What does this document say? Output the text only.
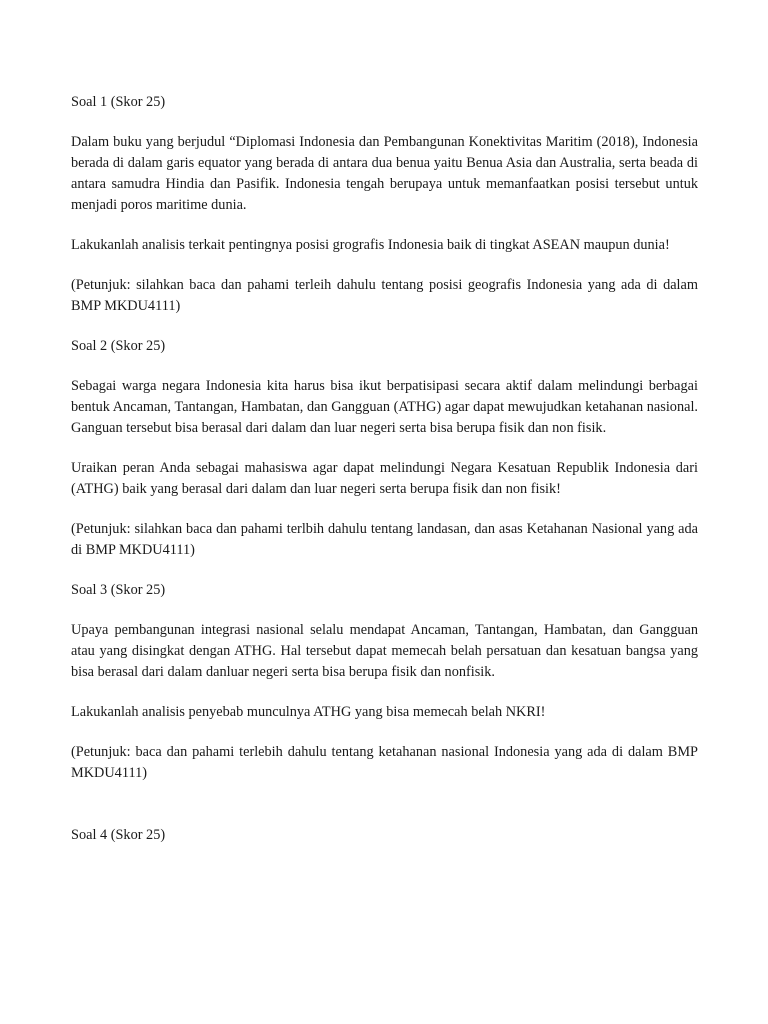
Soal 1 (Skor 25)

Dalam buku yang berjudul “Diplomasi Indonesia dan Pembangunan Konektivitas Maritim (2018), Indonesia berada di dalam garis equator yang berada di antara dua benua yaitu Benua Asia dan Australia, serta beada di antara samudra Hindia dan Pasifik. Indonesia tengah berupaya untuk memanfaatkan posisi tersebut untuk menjadi poros maritime dunia.

Lakukanlah analisis terkait pentingnya posisi grografis Indonesia baik di tingkat ASEAN maupun dunia!

(Petunjuk: silahkan baca dan pahami terleih dahulu tentang posisi geografis Indonesia yang ada di dalam BMP MKDU4111)

Soal 2 (Skor 25)

Sebagai warga negara Indonesia kita harus bisa ikut berpatisipasi secara aktif dalam melindungi berbagai bentuk Ancaman, Tantangan, Hambatan, dan Gangguan (ATHG) agar dapat mewujudkan ketahanan nasional. Ganguan tersebut bisa berasal dari dalam dan luar negeri serta bisa berupa fisik dan non fisik.

Uraikan peran Anda sebagai mahasiswa agar dapat melindungi Negara Kesatuan Republik Indonesia dari (ATHG) baik yang berasal dari dalam dan luar negeri serta berupa fisik dan non fisik!

(Petunjuk: silahkan baca dan pahami terlbih dahulu tentang landasan, dan asas Ketahanan Nasional yang ada di BMP MKDU4111)

Soal 3 (Skor 25)

Upaya pembangunan integrasi nasional selalu mendapat Ancaman, Tantangan, Hambatan, dan Gangguan atau yang disingkat dengan ATHG. Hal tersebut dapat memecah belah persatuan dan kesatuan bangsa yang bisa berasal dari dalam danluar negeri serta bisa berupa fisik dan nonfisik.

Lakukanlah analisis penyebab munculnya ATHG yang bisa memecah belah NKRI!

(Petunjuk: baca dan pahami terlebih dahulu tentang ketahanan nasional Indonesia yang ada di dalam BMP MKDU4111)

Soal 4 (Skor 25)
